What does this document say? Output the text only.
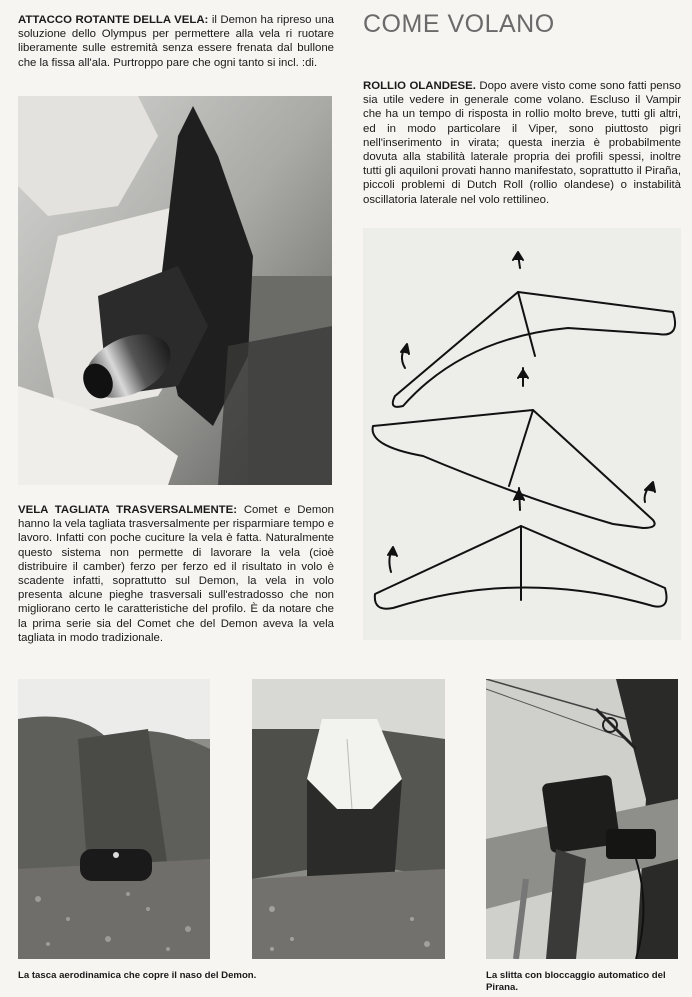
ATTACCO ROTANTE DELLA VELA: il Demon ha ripreso una soluzione dello Olympus per permettere alla vela ri ruotare liberamente sulle estremità senza essere frenata dal bullone che la fissa all'ala. Purtroppo pare che ogni tanto si incl. :di.

COME VOLANO

ROLLIO OLANDESE. Dopo avere visto come sono fatti penso sia utile vedere in generale come volano. Escluso il Vampir che ha un tempo di risposta in rollio molto breve, tutti gli altri, ed in modo particolare il Viper, sono piuttosto pigri nell'inserimento in virata; questa inerzia è probabilmente dovuta alla stabilità laterale propria dei profili spessi, inoltre tutti gli aquiloni provati hanno manifestato, soprattutto il Piraña, piccoli problemi di Dutch Roll (rollio olandese) o instabilità oscillatoria laterale nel volo rettilineo.

VELA TAGLIATA TRASVERSALMENTE: Comet e Demon hanno la vela tagliata trasversalmente per risparmiare tempo e lavoro. Infatti con poche cuciture la vela è fatta. Naturalmente questo sistema non permette di lavorare la vela (cioè distribuire il camber) ferzo per ferzo ed il risultato in volo è scadente infatti, soprattutto sul Demon, la vela in volo presenta alcune pieghe trasversali sull'estradosso che non migliorano certo le caratteristiche del profilo. È da notare che la prima serie sia del Comet che del Demon aveva la vela tagliata in modo tradizionale.

La tasca aerodinamica che copre il naso del Demon.	La slitta con bloccaggio automatico del Pirana.
